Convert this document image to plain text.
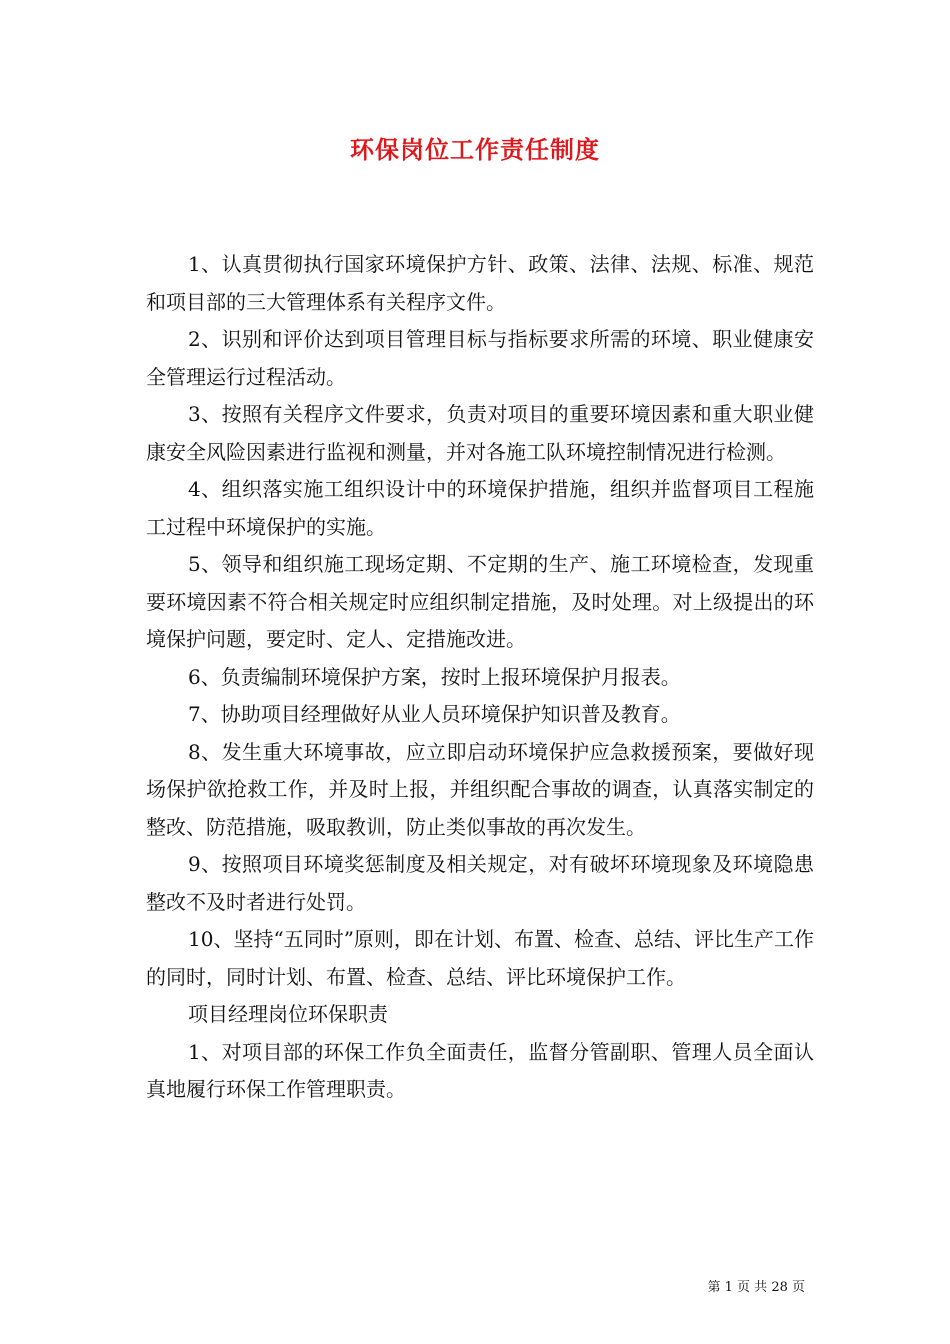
环保岗位工作责任制度

1、认真贯彻执行国家环境保护方针、政策、法律、法规、标准、规范和项目部的三大管理体系有关程序文件。

2、识别和评价达到项目管理目标与指标要求所需的环境、职业健康安全管理运行过程活动。

3、按照有关程序文件要求，负责对项目的重要环境因素和重大职业健康安全风险因素进行监视和测量，并对各施工队环境控制情况进行检测。

4、组织落实施工组织设计中的环境保护措施，组织并监督项目工程施工过程中环境保护的实施。

5、领导和组织施工现场定期、不定期的生产、施工环境检查，发现重要环境因素不符合相关规定时应组织制定措施，及时处理。对上级提出的环境保护问题，要定时、定人、定措施改进。

6、负责编制环境保护方案，按时上报环境保护月报表。

7、协助项目经理做好从业人员环境保护知识普及教育。

8、发生重大环境事故，应立即启动环境保护应急救援预案，要做好现场保护欲抢救工作，并及时上报，并组织配合事故的调查，认真落实制定的整改、防范措施，吸取教训，防止类似事故的再次发生。

9、按照项目环境奖惩制度及相关规定，对有破坏环境现象及环境隐患整改不及时者进行处罚。

10、坚持“五同时”原则，即在计划、布置、检查、总结、评比生产工作的同时，同时计划、布置、检查、总结、评比环境保护工作。

项目经理岗位环保职责

1、对项目部的环保工作负全面责任，监督分管副职、管理人员全面认真地履行环保工作管理职责。

第 1 页 共 28 页
